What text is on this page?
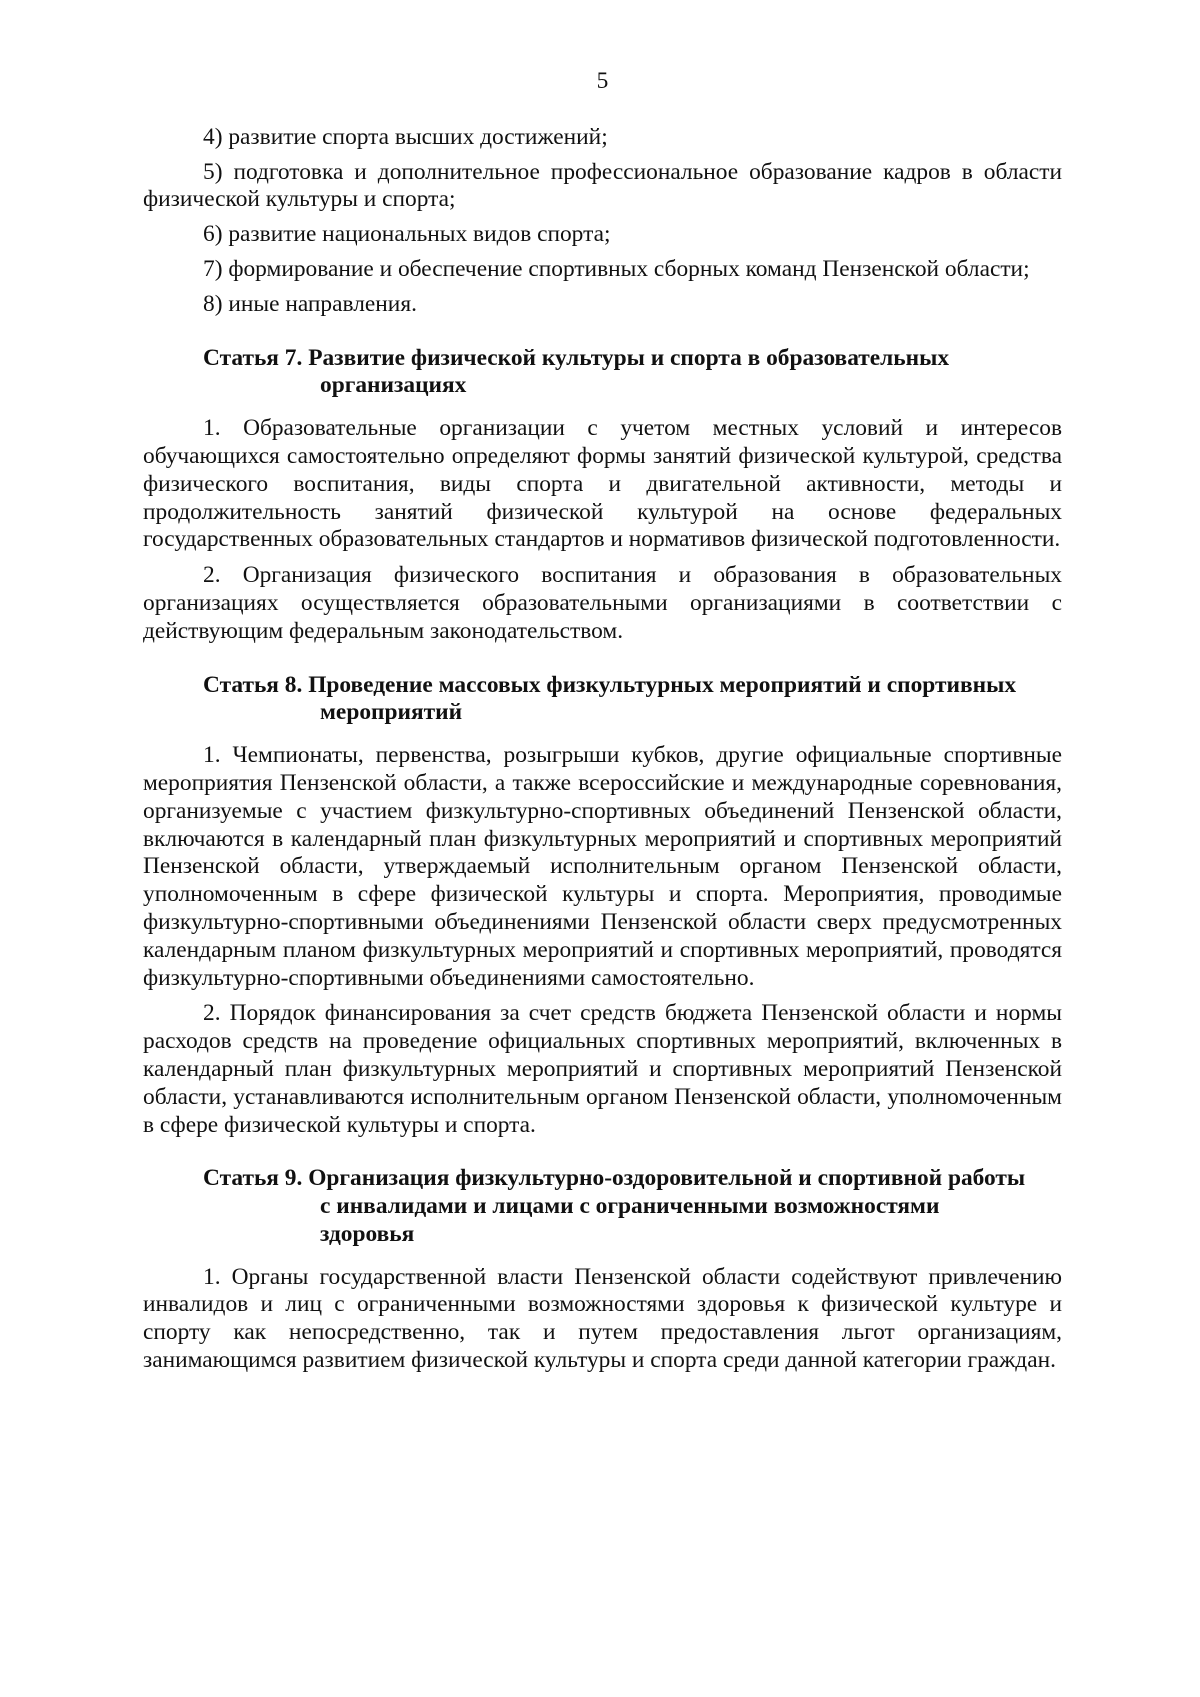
5

4) развитие спорта высших достижений;

5) подготовка и дополнительное профессиональное образование кадров в области физической культуры и спорта;

6) развитие национальных видов спорта;

7) формирование и обеспечение спортивных сборных команд Пензенской области;

8) иные направления.

Статья 7. Развитие физической культуры и спорта в образовательных
организациях

1. Образовательные организации с учетом местных условий и интересов обучающихся самостоятельно определяют формы занятий физической культурой, средства физического воспитания, виды спорта и двигательной активности, методы и продолжительность занятий физической культурой на основе федеральных государственных образовательных стандартов и нормативов физической подготовленности.

2. Организация физического воспитания и образования в образовательных организациях осуществляется образовательными организациями в соответствии с действующим федеральным законодательством.

Статья 8. Проведение массовых физкультурных мероприятий и спортивных
мероприятий

1. Чемпионаты, первенства, розыгрыши кубков, другие официальные спортивные мероприятия Пензенской области, а также всероссийские и международные соревнования, организуемые с участием физкультурно-спортивных объединений Пензенской области, включаются в календарный план физкультурных мероприятий и спортивных мероприятий Пензенской области, утверждаемый исполнительным органом Пензенской области, уполномоченным в сфере физической культуры и спорта. Мероприятия, проводимые физкультурно-спортивными объединениями Пензенской области сверх предусмотренных календарным планом физкультурных мероприятий и спортивных мероприятий, проводятся физкультурно-спортивными объединениями самостоятельно.

2. Порядок финансирования за счет средств бюджета Пензенской области и нормы расходов средств на проведение официальных спортивных мероприятий, включенных в календарный план физкультурных мероприятий и спортивных мероприятий Пензенской области, устанавливаются исполнительным органом Пензенской области, уполномоченным в сфере физической культуры и спорта.

Статья 9. Организация физкультурно-оздоровительной и спортивной работы
с инвалидами и лицами с ограниченными возможностями
здоровья

1. Органы государственной власти Пензенской области содействуют привлечению инвалидов и лиц с ограниченными возможностями здоровья к физической культуре и спорту как непосредственно, так и путем предоставления льгот организациям, занимающимся развитием физической культуры и спорта среди данной категории граждан.
